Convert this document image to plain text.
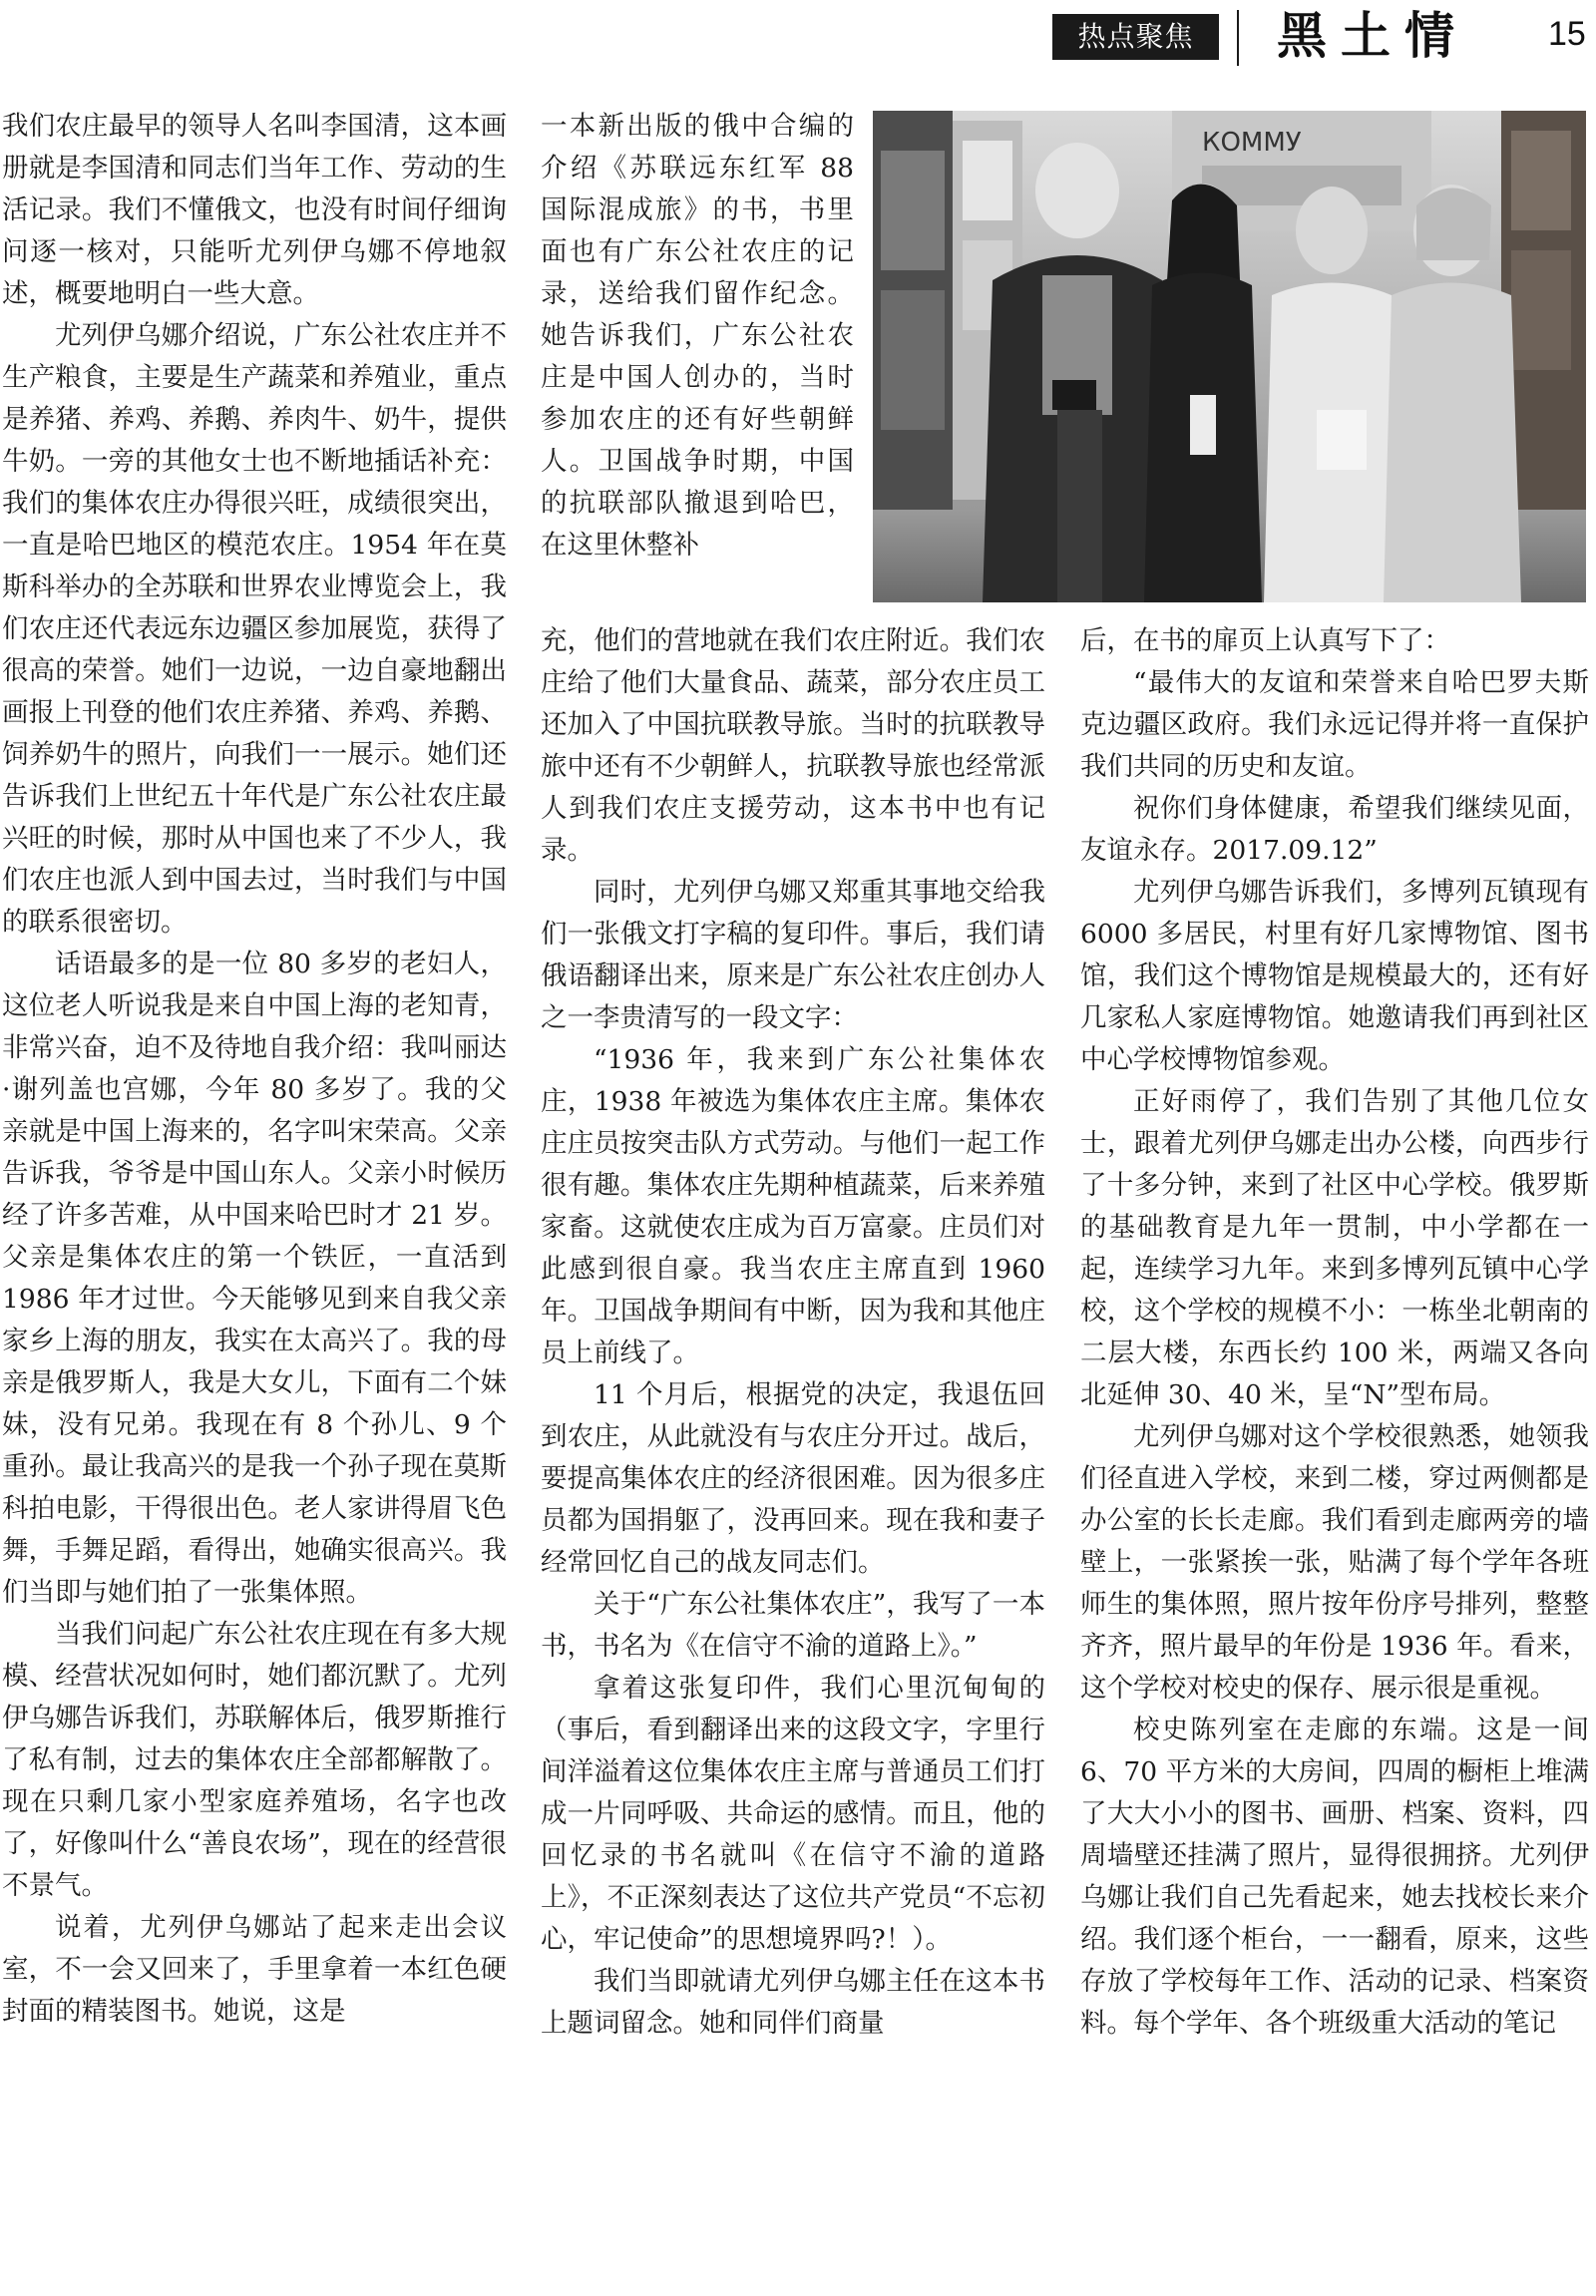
热点聚焦	黑土情 15

我们农庄最早的领导人名叫李国清，这本画册就是李国清和同志们当年工作、劳动的生活记录。我们不懂俄文，也没有时间仔细询问逐一核对，只能听尤列伊乌娜不停地叙述，概要地明白一些大意。

尤列伊乌娜介绍说，广东公社农庄并不生产粮食，主要是生产蔬菜和养殖业，重点是养猪、养鸡、养鹅、养肉牛、奶牛，提供牛奶。一旁的其他女士也不断地插话补充：我们的集体农庄办得很兴旺，成绩很突出，一直是哈巴地区的模范农庄。1954 年在莫斯科举办的全苏联和世界农业博览会上，我们农庄还代表远东边疆区参加展览，获得了很高的荣誉。她们一边说，一边自豪地翻出画报上刊登的他们农庄养猪、养鸡、养鹅、饲养奶牛的照片，向我们一一展示。她们还告诉我们上世纪五十年代是广东公社农庄最兴旺的时候，那时从中国也来了不少人，我们农庄也派人到中国去过，当时我们与中国的联系很密切。

话语最多的是一位 80 多岁的老妇人，这位老人听说我是来自中国上海的老知青，非常兴奋，迫不及待地自我介绍：我叫丽达·谢列盖也宫娜，今年 80 多岁了。我的父亲就是中国上海来的，名字叫宋荣高。父亲告诉我，爷爷是中国山东人。父亲小时候历经了许多苦难，从中国来哈巴时才 21 岁。父亲是集体农庄的第一个铁匠，一直活到 1986 年才过世。今天能够见到来自我父亲家乡上海的朋友，我实在太高兴了。我的母亲是俄罗斯人，我是大女儿，下面有二个妹妹，没有兄弟。我现在有 8 个孙儿、9 个重孙。最让我高兴的是我一个孙子现在莫斯科拍电影，干得很出色。老人家讲得眉飞色舞，手舞足蹈，看得出，她确实很高兴。我们当即与她们拍了一张集体照。

当我们问起广东公社农庄现在有多大规模、经营状况如何时，她们都沉默了。尤列伊乌娜告诉我们，苏联解体后，俄罗斯推行了私有制，过去的集体农庄全部都解散了。现在只剩几家小型家庭养殖场，名字也改了，好像叫什么“善良农场”，现在的经营很不景气。

说着，尤列伊乌娜站了起来走出会议室，不一会又回来了，手里拿着一本红色硬封面的精装图书。她说，这是

一本新出版的俄中合编的介绍《苏联远东红军 88 国际混成旅》的书，书里面也有广东公社农庄的记录，送给我们留作纪念。她告诉我们，广东公社农庄是中国人创办的，当时参加农庄的还有好些朝鲜人。卫国战争时期，中国的抗联部队撤退到哈巴，在这里休整补

КОММУ

充，他们的营地就在我们农庄附近。我们农庄给了他们大量食品、蔬菜，部分农庄员工还加入了中国抗联教导旅。当时的抗联教导旅中还有不少朝鲜人，抗联教导旅也经常派人到我们农庄支援劳动，这本书中也有记录。

同时，尤列伊乌娜又郑重其事地交给我们一张俄文打字稿的复印件。事后，我们请俄语翻译出来，原来是广东公社农庄创办人之一李贵清写的一段文字：

“1936 年，我来到广东公社集体农庄，1938 年被选为集体农庄主席。集体农庄庄员按突击队方式劳动。与他们一起工作很有趣。集体农庄先期种植蔬菜，后来养殖家畜。这就使农庄成为百万富豪。庄员们对此感到很自豪。我当农庄主席直到 1960 年。卫国战争期间有中断，因为我和其他庄员上前线了。

11 个月后，根据党的决定，我退伍回到农庄，从此就没有与农庄分开过。战后，要提高集体农庄的经济很困难。因为很多庄员都为国捐躯了，没再回来。现在我和妻子经常回忆自己的战友同志们。

关于“广东公社集体农庄”，我写了一本书，书名为《在信守不渝的道路上》。”

拿着这张复印件，我们心里沉甸甸的（事后，看到翻译出来的这段文字，字里行间洋溢着这位集体农庄主席与普通员工们打成一片同呼吸、共命运的感情。而且，他的回忆录的书名就叫《在信守不渝的道路上》，不正深刻表达了这位共产党员“不忘初心，牢记使命”的思想境界吗?！）。

我们当即就请尤列伊乌娜主任在这本书上题词留念。她和同伴们商量

后，在书的扉页上认真写下了：

“最伟大的友谊和荣誉来自哈巴罗夫斯克边疆区政府。我们永远记得并将一直保护我们共同的历史和友谊。

祝你们身体健康，希望我们继续见面，友谊永存。2017.09.12”

尤列伊乌娜告诉我们，多博列瓦镇现有 6000 多居民，村里有好几家博物馆、图书馆，我们这个博物馆是规模最大的，还有好几家私人家庭博物馆。她邀请我们再到社区中心学校博物馆参观。

正好雨停了，我们告别了其他几位女士，跟着尤列伊乌娜走出办公楼，向西步行了十多分钟，来到了社区中心学校。俄罗斯的基础教育是九年一贯制，中小学都在一起，连续学习九年。来到多博列瓦镇中心学校，这个学校的规模不小：一栋坐北朝南的二层大楼，东西长约 100 米，两端又各向北延伸 30、40 米，呈“N”型布局。

尤列伊乌娜对这个学校很熟悉，她领我们径直进入学校，来到二楼，穿过两侧都是办公室的长长走廊。我们看到走廊两旁的墙壁上，一张紧挨一张，贴满了每个学年各班师生的集体照，照片按年份序号排列，整整齐齐，照片最早的年份是 1936 年。看来，这个学校对校史的保存、展示很是重视。

校史陈列室在走廊的东端。这是一间 6、70 平方米的大房间，四周的橱柜上堆满了大大小小的图书、画册、档案、资料，四周墙壁还挂满了照片，显得很拥挤。尤列伊乌娜让我们自己先看起来，她去找校长来介绍。我们逐个柜台，一一翻看，原来，这些存放了学校每年工作、活动的记录、档案资料。每个学年、各个班级重大活动的笔记
